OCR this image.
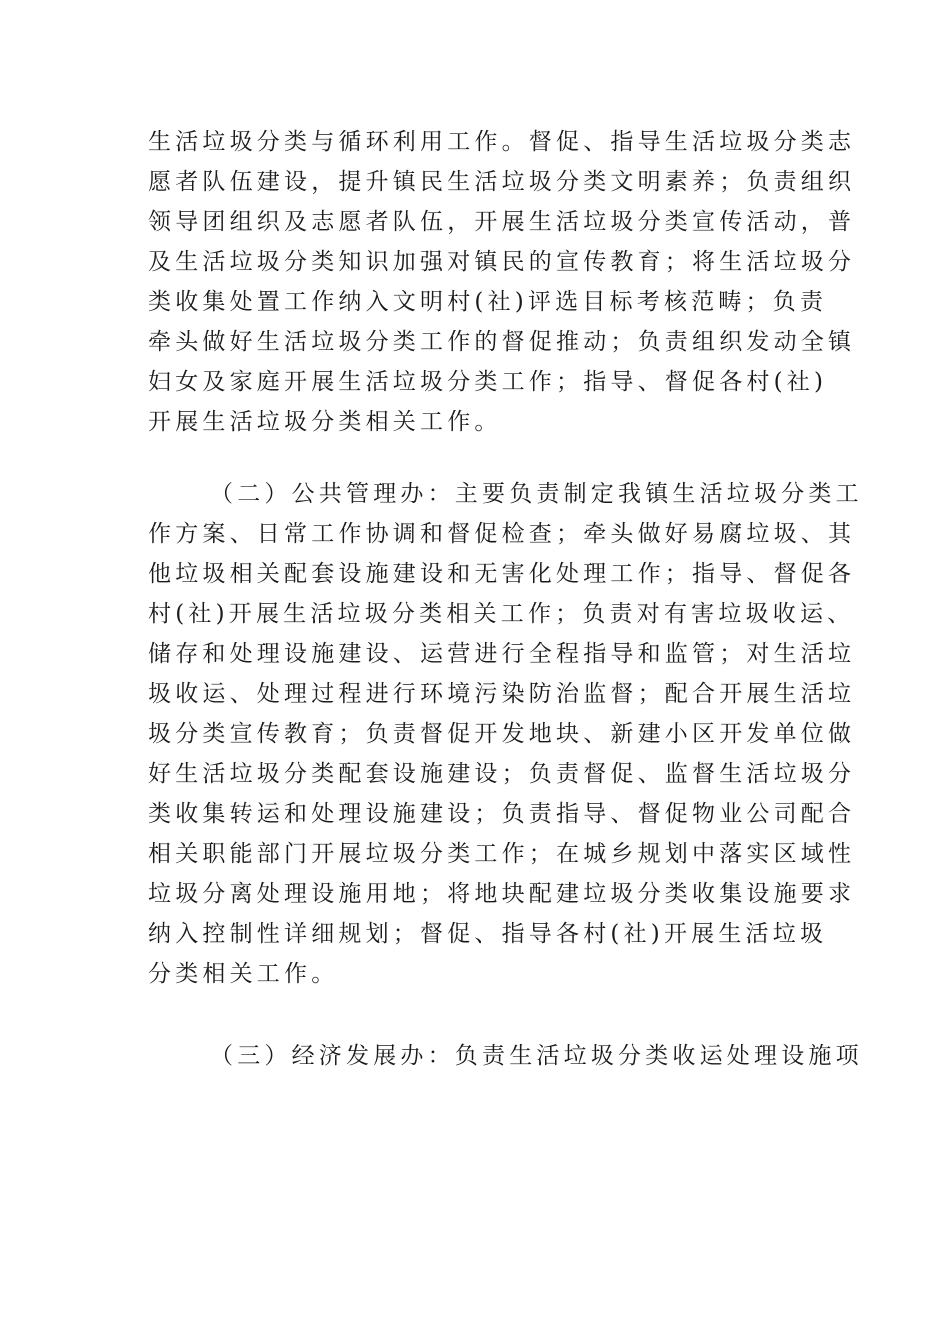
生活垃圾分类与循环利用工作。督促、指导生活垃圾分类志
愿者队伍建设，提升镇民生活垃圾分类文明素养；负责组织
领导团组织及志愿者队伍，开展生活垃圾分类宣传活动，普
及生活垃圾分类知识加强对镇民的宣传教育；将生活垃圾分
类收集处置工作纳入文明村(社)评选目标考核范畴；负责
牵头做好生活垃圾分类工作的督促推动；负责组织发动全镇
妇女及家庭开展生活垃圾分类工作；指导、督促各村(社)
开展生活垃圾分类相关工作。
（二）公共管理办：主要负责制定我镇生活垃圾分类工
作方案、日常工作协调和督促检查；牵头做好易腐垃圾、其
他垃圾相关配套设施建设和无害化处理工作；指导、督促各
村(社)开展生活垃圾分类相关工作；负责对有害垃圾收运、
储存和处理设施建设、运营进行全程指导和监管；对生活垃
圾收运、处理过程进行环境污染防治监督；配合开展生活垃
圾分类宣传教育；负责督促开发地块、新建小区开发单位做
好生活垃圾分类配套设施建设；负责督促、监督生活垃圾分
类收集转运和处理设施建设；负责指导、督促物业公司配合
相关职能部门开展垃圾分类工作；在城乡规划中落实区域性
垃圾分离处理设施用地；将地块配建垃圾分类收集设施要求
纳入控制性详细规划；督促、指导各村(社)开展生活垃圾
分类相关工作。
（三）经济发展办：负责生活垃圾分类收运处理设施项
